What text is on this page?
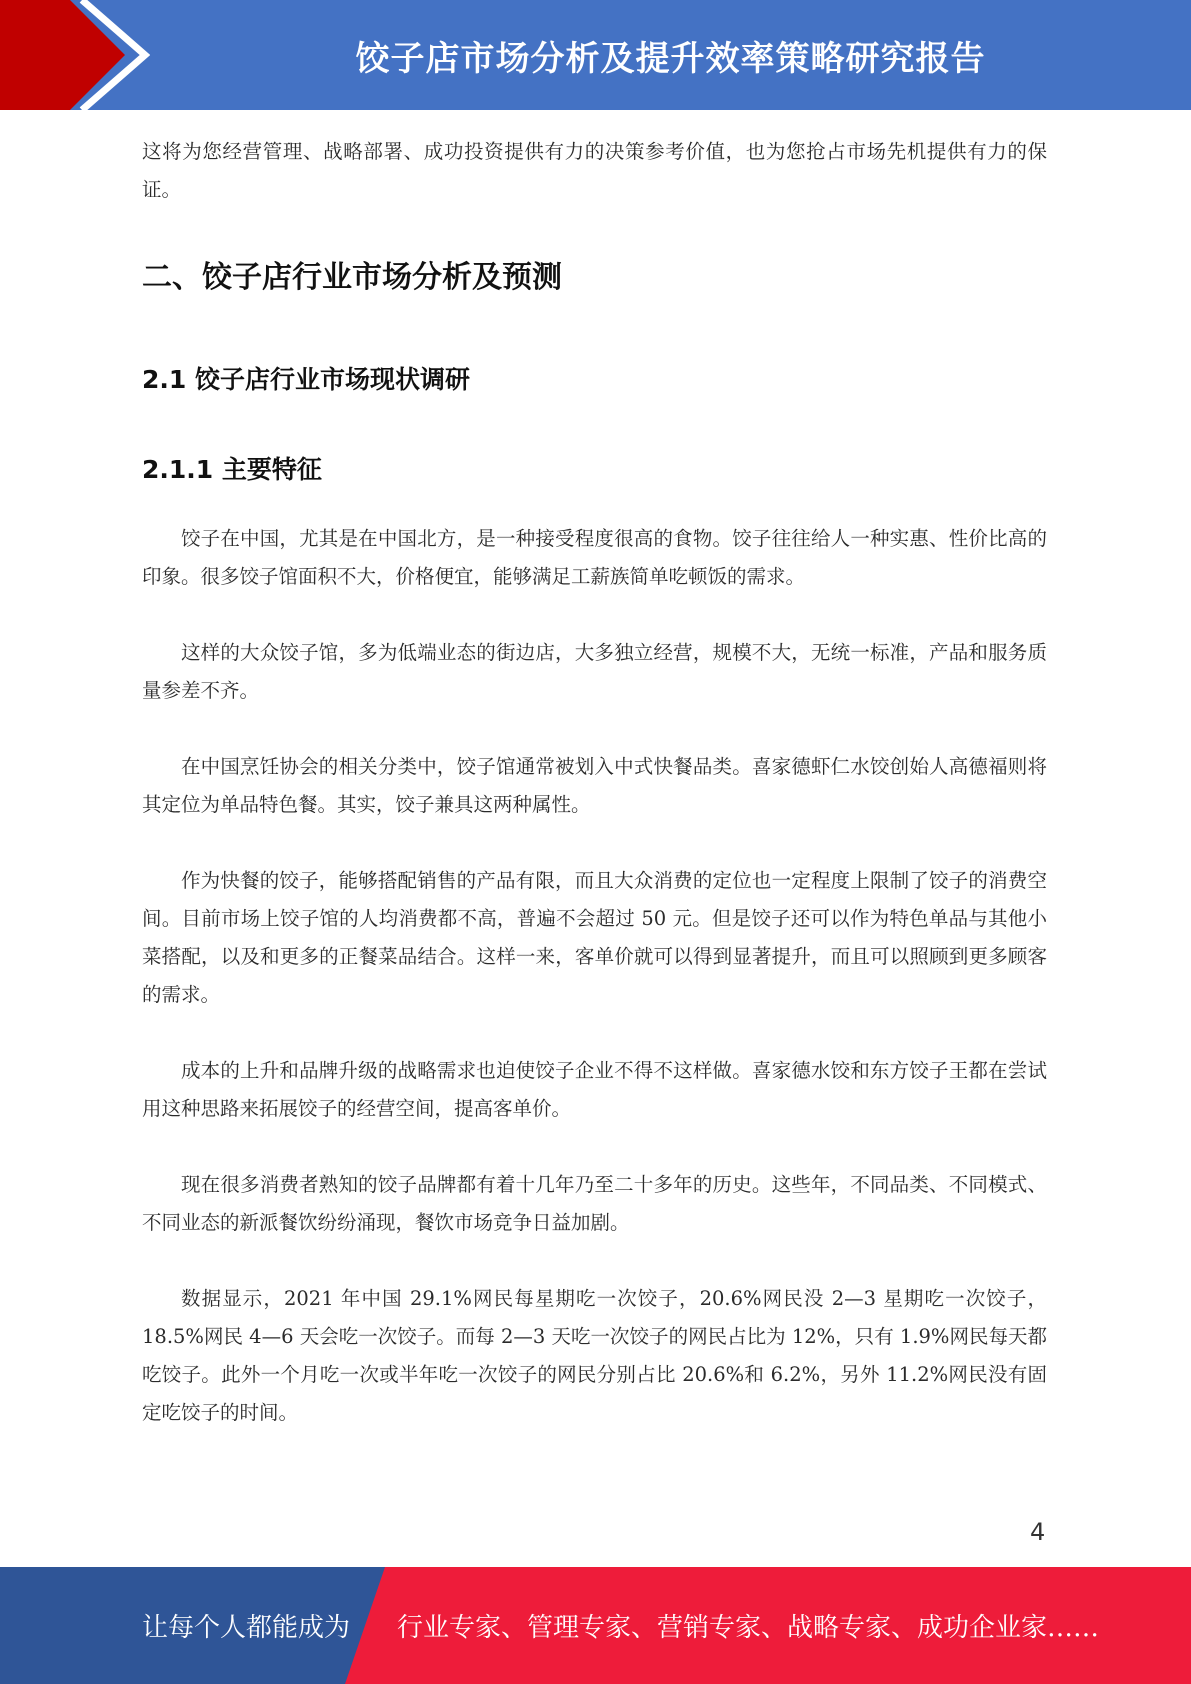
饺子店市场分析及提升效率策略研究报告

这将为您经营管理、战略部署、成功投资提供有力的决策参考价值，也为您抢占市场先机提供有力的保证。

二、饺子店行业市场分析及预测
2.1 饺子店行业市场现状调研
2.1.1 主要特征

饺子在中国，尤其是在中国北方，是一种接受程度很高的食物。饺子往往给人一种实惠、性价比高的印象。很多饺子馆面积不大，价格便宜，能够满足工薪族简单吃顿饭的需求。

这样的大众饺子馆，多为低端业态的街边店，大多独立经营，规模不大，无统一标准，产品和服务质量参差不齐。

在中国烹饪协会的相关分类中，饺子馆通常被划入中式快餐品类。喜家德虾仁水饺创始人高德福则将其定位为单品特色餐。其实，饺子兼具这两种属性。

作为快餐的饺子，能够搭配销售的产品有限，而且大众消费的定位也一定程度上限制了饺子的消费空间。目前市场上饺子馆的人均消费都不高，普遍不会超过 50 元。但是饺子还可以作为特色单品与其他小菜搭配，以及和更多的正餐菜品结合。这样一来，客单价就可以得到显著提升，而且可以照顾到更多顾客的需求。

成本的上升和品牌升级的战略需求也迫使饺子企业不得不这样做。喜家德水饺和东方饺子王都在尝试用这种思路来拓展饺子的经营空间，提高客单价。

现在很多消费者熟知的饺子品牌都有着十几年乃至二十多年的历史。这些年，不同品类、不同模式、不同业态的新派餐饮纷纷涌现，餐饮市场竞争日益加剧。

数据显示，2021 年中国 29.1%网民每星期吃一次饺子，20.6%网民没 2—3 星期吃一次饺子，18.5%网民 4—6 天会吃一次饺子。而每 2—3 天吃一次饺子的网民占比为 12%，只有 1.9%网民每天都吃饺子。此外一个月吃一次或半年吃一次饺子的网民分别占比 20.6%和 6.2%，另外 11.2%网民没有固定吃饺子的时间。

4
让每个人都能成为 行业专家、管理专家、营销专家、战略专家、成功企业家……
